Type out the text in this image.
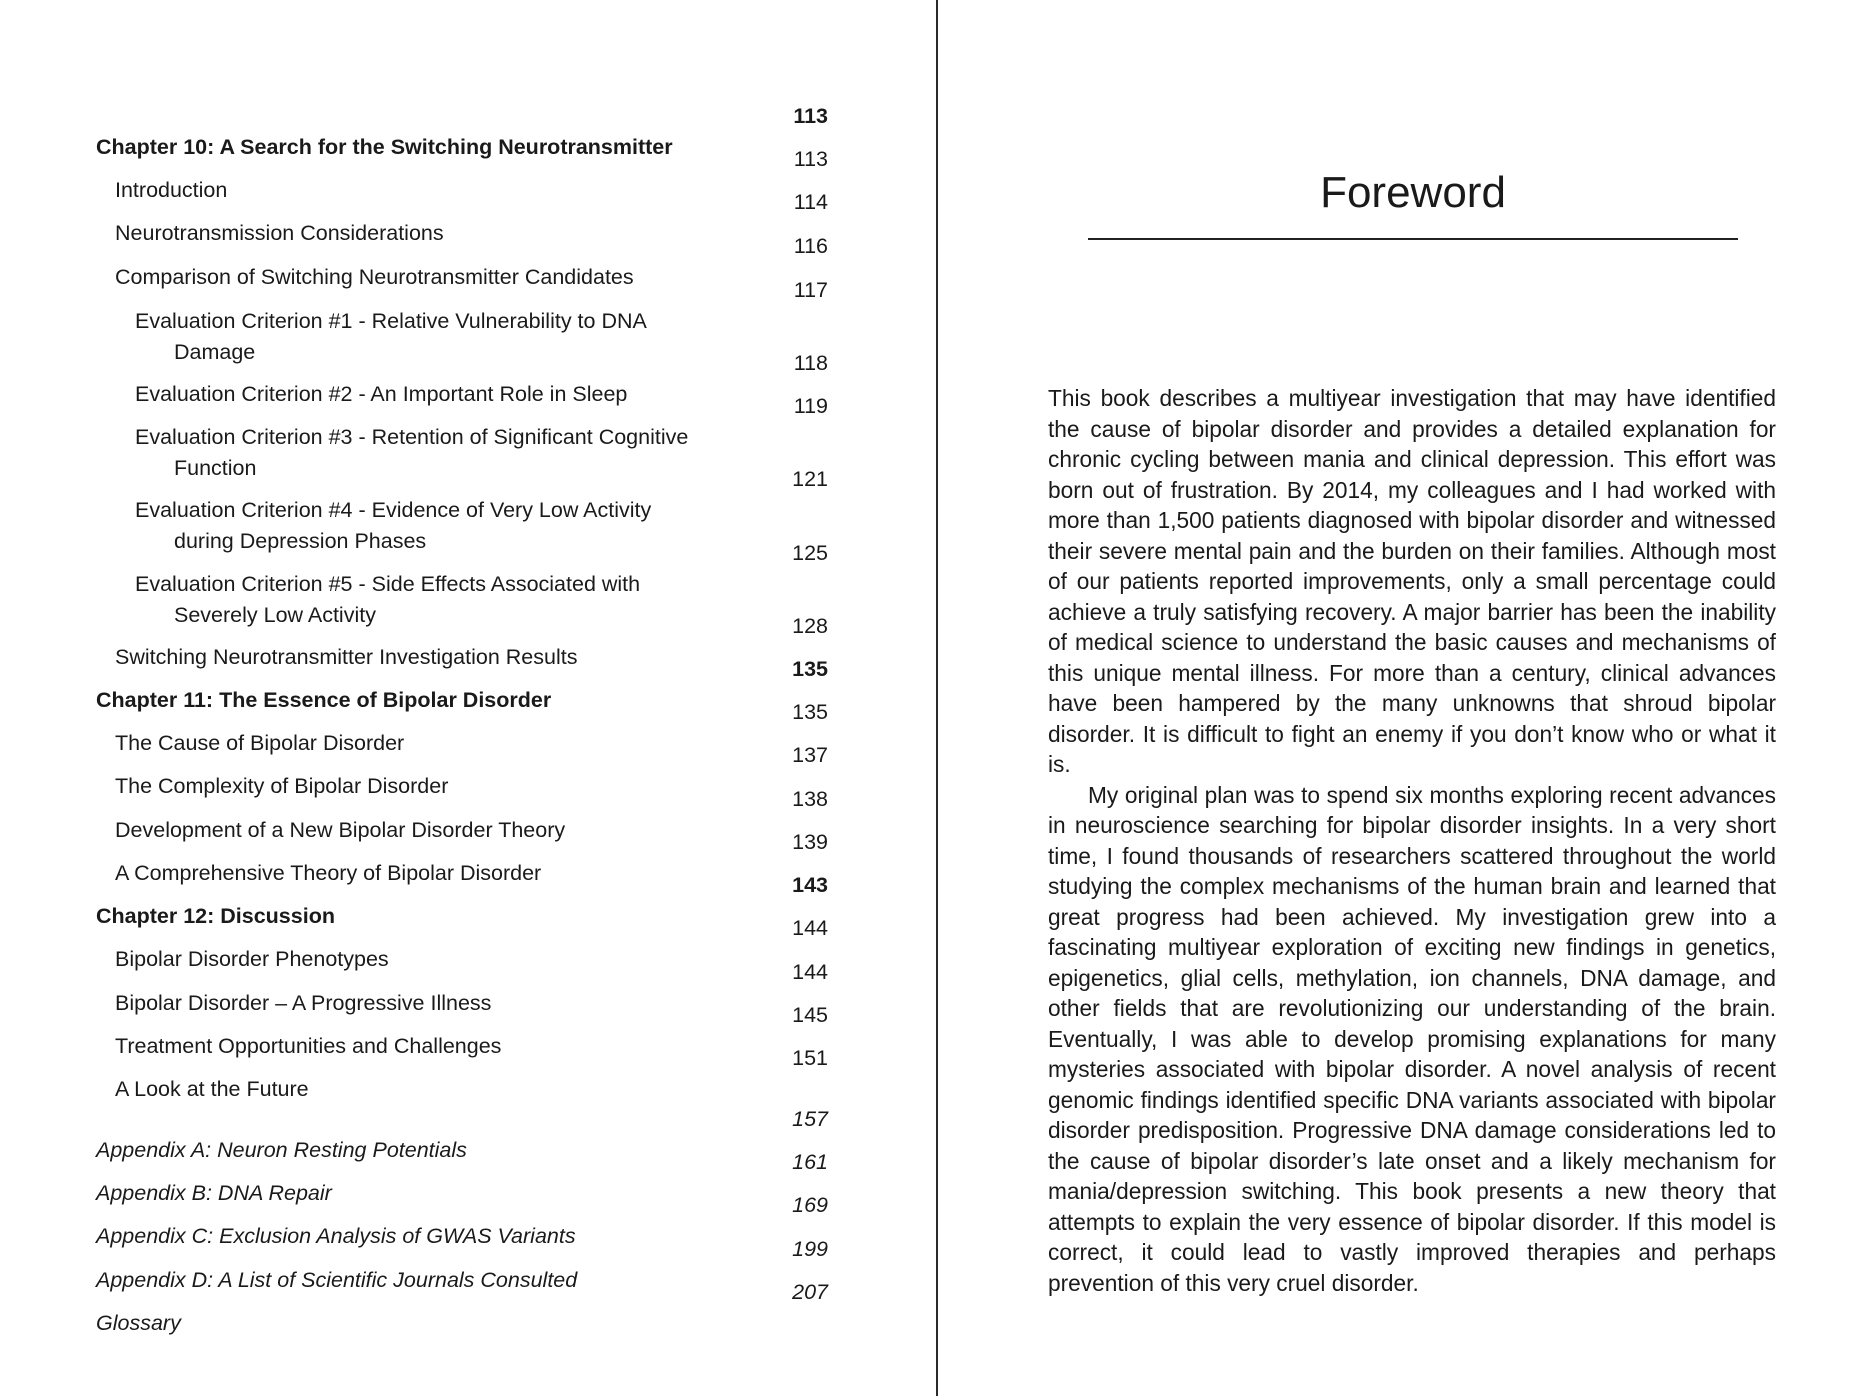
Chapter 10: A Search for the Switching Neurotransmitter
113
Introduction
113
Neurotransmission Considerations
114
Comparison of Switching Neurotransmitter Candidates
116
Evaluation Criterion #1 - Relative Vulnerability to DNA
Damage
117
Evaluation Criterion #2 - An Important Role in Sleep
118
Evaluation Criterion #3 - Retention of Significant Cognitive
Function
119
Evaluation Criterion #4 - Evidence of Very Low Activity
during Depression Phases
121
Evaluation Criterion #5 - Side Effects Associated with
Severely Low Activity
125
Switching Neurotransmitter Investigation Results
128
Chapter 11: The Essence of Bipolar Disorder
135
The Cause of Bipolar Disorder
135
The Complexity of Bipolar Disorder
137
Development of a New Bipolar Disorder Theory
138
A Comprehensive Theory of Bipolar Disorder
139
Chapter 12: Discussion
143
Bipolar Disorder Phenotypes
144
Bipolar Disorder – A Progressive Illness
144
Treatment Opportunities and Challenges
145
A Look at the Future
151
Appendix A: Neuron Resting Potentials
157
Appendix B: DNA Repair
161
Appendix C: Exclusion Analysis of GWAS Variants
169
Appendix D: A List of Scientific Journals Consulted
199
Glossary
207
Foreword

This book describes a multiyear investigation that may have identified the cause of bipolar disorder and provides a detailed explanation for chronic cycling between mania and clinical depression. This effort was born out of frustration. By 2014, my colleagues and I had worked with more than 1,500 patients diagnosed with bipolar disorder and witnessed their severe mental pain and the burden on their families. Although most of our patients reported improvements, only a small percentage could achieve a truly satisfying recovery. A major barrier has been the inability of medical science to understand the basic causes and mechanisms of this unique mental illness. For more than a century, clinical advances have been hampered by the many unknowns that shroud bipolar disorder. It is difficult to fight an enemy if you don’t know who or what it is.

My original plan was to spend six months exploring recent advances in neuroscience searching for bipolar disorder insights. In a very short time, I found thousands of researchers scattered throughout the world studying the complex mechanisms of the human brain and learned that great progress had been achieved. My investigation grew into a fascinating multiyear exploration of exciting new findings in genetics, epigenetics, glial cells, methylation, ion channels, DNA damage, and other fields that are revolutionizing our understanding of the brain. Eventually, I was able to develop promising explanations for many mysteries associated with bipolar disorder. A novel analysis of recent genomic findings identified specific DNA variants associated with bipolar disorder predisposition. Progressive DNA damage considerations led to the cause of bipolar disorder’s late onset and a likely mechanism for mania/depression switching. This book presents a new theory that attempts to explain the very essence of bipolar disorder. If this model is correct, it could lead to vastly improved therapies and perhaps prevention of this very cruel disorder.
